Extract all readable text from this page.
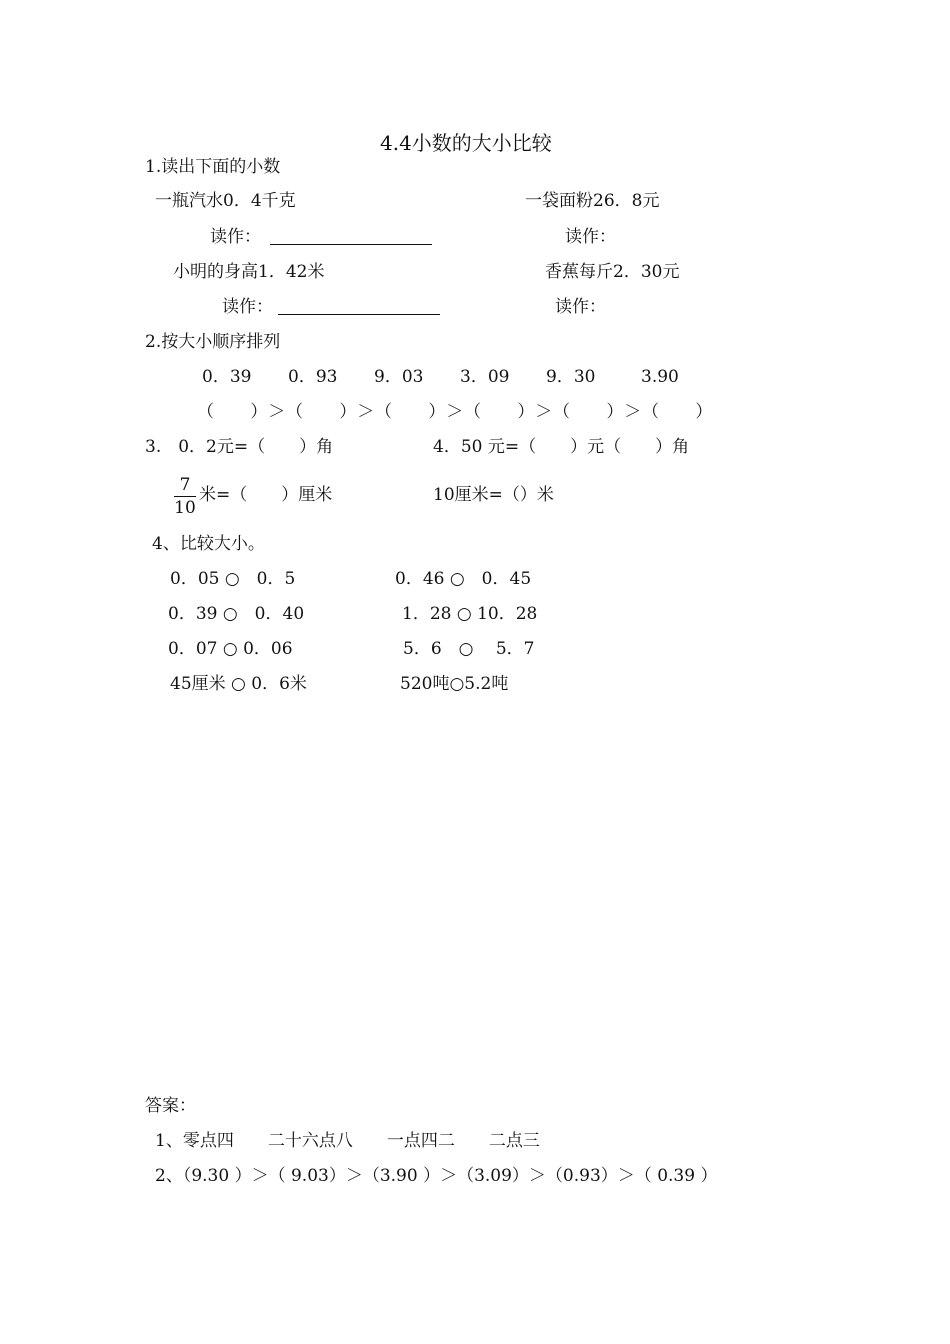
4.4小数的大小比较
1.读出下面的小数
一瓶汽水0．4千克	一袋面粉26．8元
读作：	读作：
小明的身高1．42米	香蕉每斤2．30元
读作：	读作：
2.按大小顺序排列
0．39 0．93 9．03 3．09 9．30	3.90
（　　）＞（　　）＞（　　）＞（　　）＞（　　）＞（　　）
3.　0．2元=（　　）角	4．50 元=（　　）元（　　）角
7
10
米=（　　）厘米	10厘米=（）米
4、比较大小。
0．05 ○　0．5	0．46 ○　0．45
0．39 ○　0．40	1．28 ○ 10．28
0．07 ○ 0．06	5．6　○　 5．7
45厘米 ○ 0．6米	520吨○5.2吨
答案：
1、零点四　　二十六点八　　一点四二　　二点三
2、（9.30 ）＞（ 9.03）＞（3.90 ）＞（3.09）＞（0.93）＞（ 0.39 ）
